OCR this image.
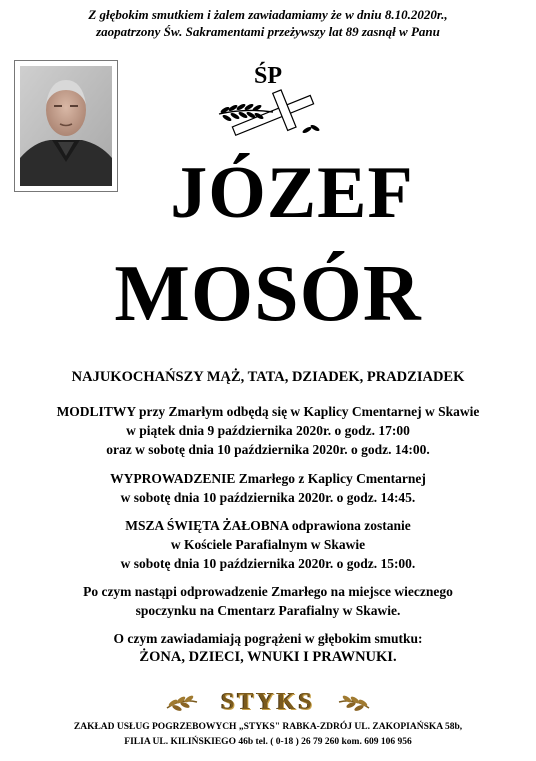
Z głębokim smutkiem i żalem zawiadamiamy że w dniu 8.10.2020r.,
zaopatrzony Św. Sakramentami przeżywszy lat 89 zasnął w Panu
ŚP
JÓZEF
MOSÓR
NAJUKOCHAŃSZY MĄŻ, TATA, DZIADEK, PRADZIADEK
MODLITWY przy Zmarłym odbędą się w Kaplicy Cmentarnej w Skawie
w piątek dnia 9 października 2020r. o godz. 17:00
oraz w sobotę dnia 10 października 2020r. o godz. 14:00.
WYPROWADZENIE Zmarłego z Kaplicy Cmentarnej
w sobotę dnia 10 października 2020r. o godz. 14:45.
MSZA ŚWIĘTA ŻAŁOBNA odprawiona zostanie
w Kościele Parafialnym w Skawie
w sobotę dnia 10 października 2020r. o godz. 15:00.
Po czym nastąpi odprowadzenie Zmarłego na miejsce wiecznego
spoczynku na Cmentarz Parafialny w Skawie.
O czym zawiadamiają pogrążeni w głębokim smutku:
ŻONA, DZIECI, WNUKI I PRAWNUKI.
STYKS
ZAKŁAD USŁUG POGRZEBOWYCH „STYKS" RABKA-ZDRÓJ UL. ZAKOPIAŃSKA 58b,
FILIA UL. KILIŃSKIEGO 46b tel. ( 0-18 ) 26 79 260 kom. 609 106 956
